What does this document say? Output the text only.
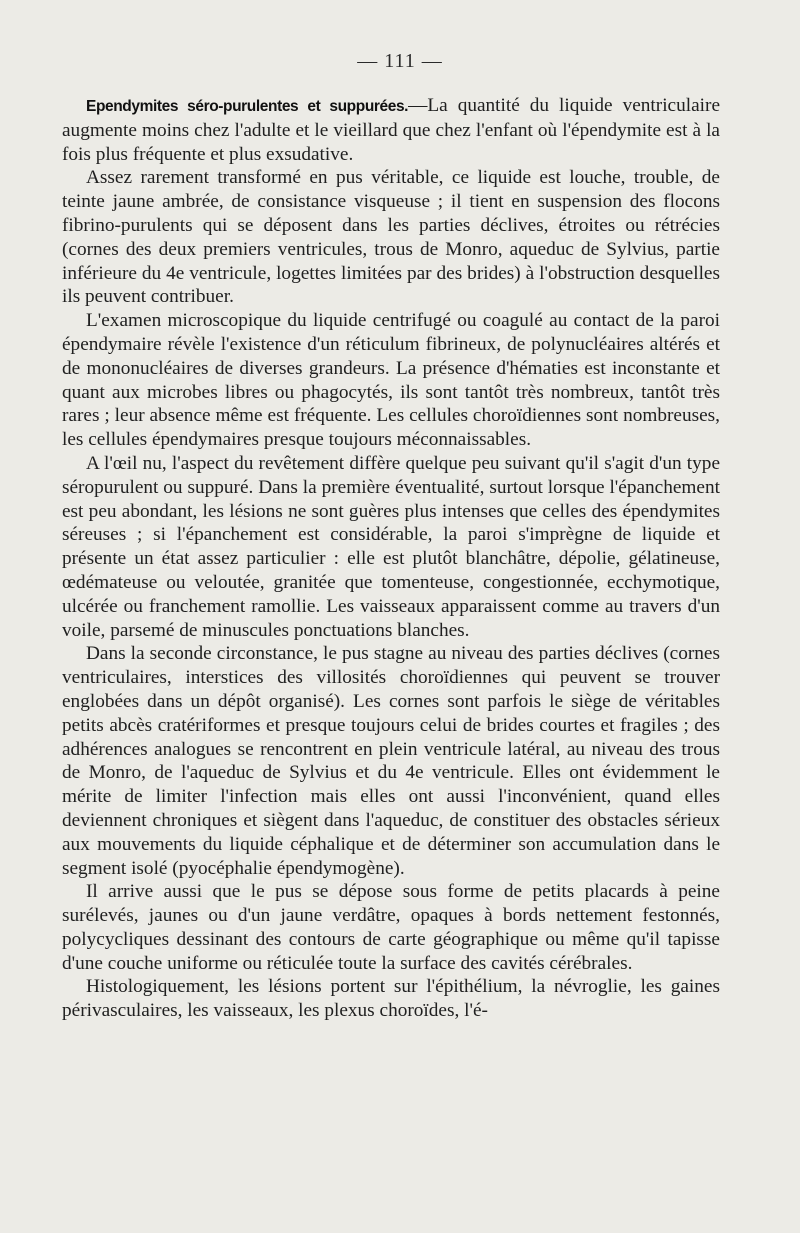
— 111 —

Ependymites séro-purulentes et suppurées.—La quantité du liquide ventriculaire augmente moins chez l'adulte et le vieillard que chez l'enfant où l'épendymite est à la fois plus fréquente et plus exsudative.

Assez rarement transformé en pus véritable, ce liquide est louche, trouble, de teinte jaune ambrée, de consistance visqueuse ; il tient en suspension des flocons fibrino-purulents qui se déposent dans les parties déclives, étroites ou rétrécies (cornes des deux premiers ventricules, trous de Monro, aqueduc de Sylvius, partie inférieure du 4e ventricule, logettes limitées par des brides) à l'obstruction desquelles ils peuvent contribuer.

L'examen microscopique du liquide centrifugé ou coagulé au contact de la paroi épendymaire révèle l'existence d'un réticulum fibrineux, de polynucléaires altérés et de mononucléaires de diverses grandeurs. La présence d'hématies est inconstante et quant aux microbes libres ou phagocytés, ils sont tantôt très nombreux, tantôt très rares ; leur absence même est fréquente. Les cellules choroïdiennes sont nombreuses, les cellules épendymaires presque toujours méconnaissables.

A l'œil nu, l'aspect du revêtement diffère quelque peu suivant qu'il s'agit d'un type séropurulent ou suppuré. Dans la première éventualité, surtout lorsque l'épanchement est peu abondant, les lésions ne sont guères plus intenses que celles des épendymites séreuses ; si l'épanchement est considérable, la paroi s'imprègne de liquide et présente un état assez particulier : elle est plutôt blanchâtre, dépolie, gélatineuse, œdémateuse ou veloutée, granitée que tomenteuse, congestionnée, ecchymotique, ulcérée ou franchement ramollie. Les vaisseaux apparaissent comme au travers d'un voile, parsemé de minuscules ponctuations blanches.

Dans la seconde circonstance, le pus stagne au niveau des parties déclives (cornes ventriculaires, interstices des villosités choroïdiennes qui peuvent se trouver englobées dans un dépôt organisé). Les cornes sont parfois le siège de véritables petits abcès cratériformes et presque toujours celui de brides courtes et fragiles ; des adhérences analogues se rencontrent en plein ventricule latéral, au niveau des trous de Monro, de l'aqueduc de Sylvius et du 4e ventricule. Elles ont évidemment le mérite de limiter l'infection mais elles ont aussi l'inconvénient, quand elles deviennent chroniques et siègent dans l'aqueduc, de constituer des obstacles sérieux aux mouvements du liquide céphalique et de déterminer son accumulation dans le segment isolé (pyocéphalie épendymogène).

Il arrive aussi que le pus se dépose sous forme de petits placards à peine surélevés, jaunes ou d'un jaune verdâtre, opaques à bords nettement festonnés, polycycliques dessinant des contours de carte géographique ou même qu'il tapisse d'une couche uniforme ou réticulée toute la surface des cavités cérébrales.

Histologiquement, les lésions portent sur l'épithélium, la névroglie, les gaines périvasculaires, les vaisseaux, les plexus choroïdes, l'é-
